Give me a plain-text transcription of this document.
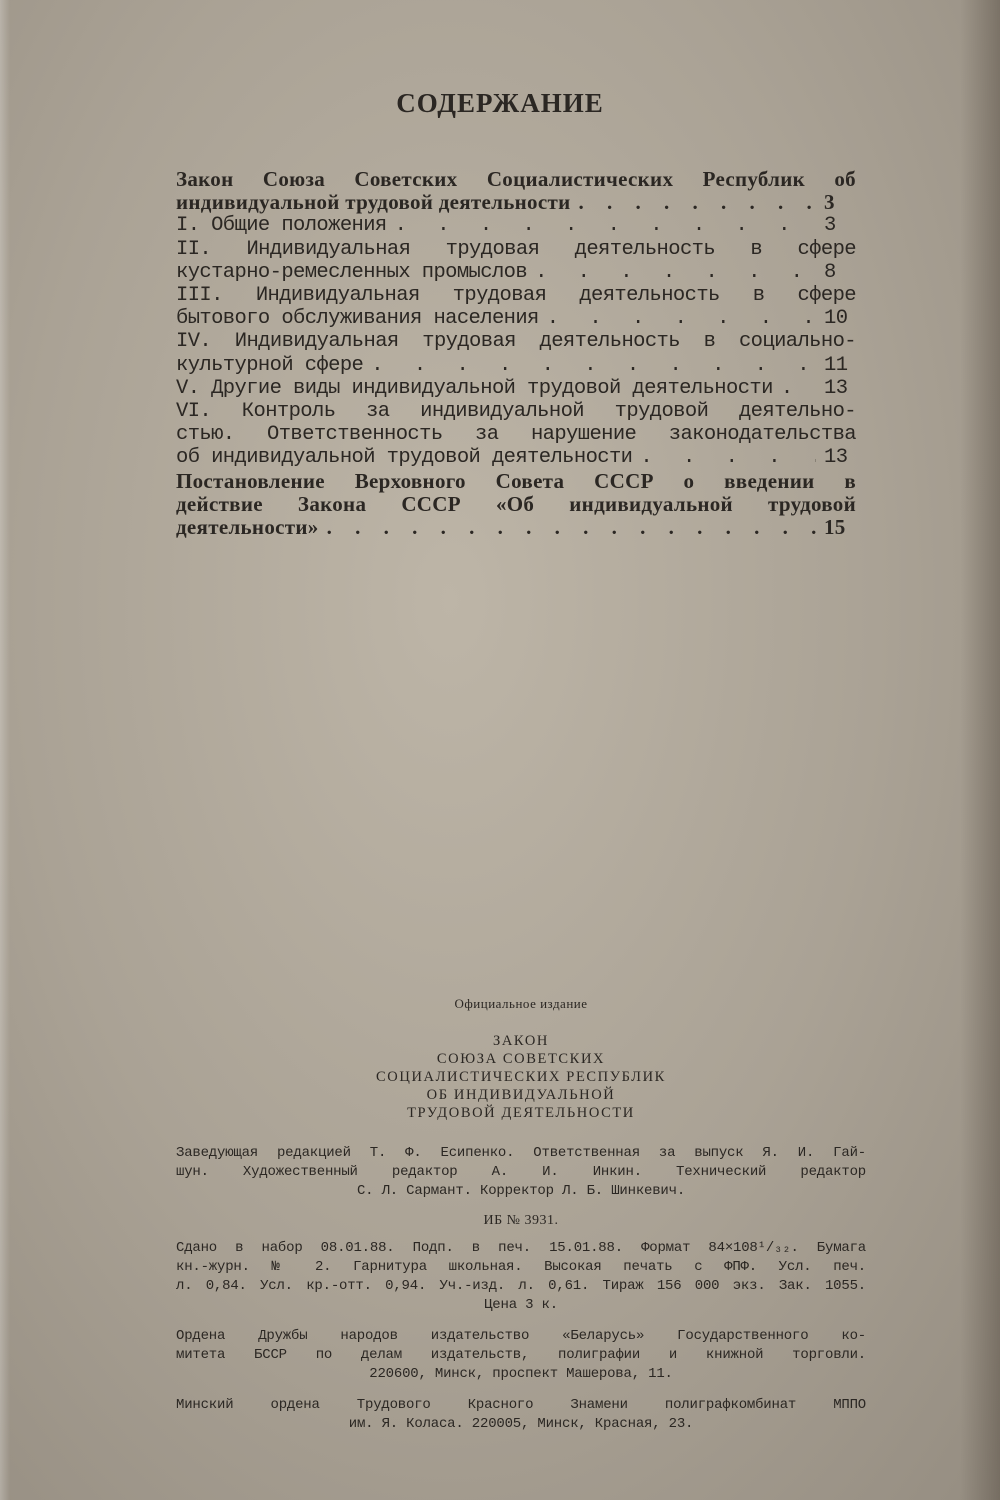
СОДЕРЖАНИЕ
Закон Союза Советских Социалистических Республик об
индивидуальной трудовой деятельности . . .	3
I. Общие положения . . .	3
II. Индивидуальная трудовая деятельность в сфере
кустарно-ремесленных промыслов . . .	8
III. Индивидуальная трудовая деятельность в сфере
бытового обслуживания населения . . .	10
IV. Индивидуальная трудовая деятельность в социально-
культурной сфере . . .	11
V. Другие виды индивидуальной трудовой деятельности . . . 13
VI. Контроль за индивидуальной трудовой деятельно-
стью. Ответственность за нарушение законодательства
об индивидуальной трудовой деятельности . . .	13
Постановление Верховного Совета СССР о введении в
действие Закона СССР «Об индивидуальной трудовой
деятельности» . . .	15
Официальное издание
ЗАКОН
СОЮЗА СОВЕТСКИХ
СОЦИАЛИСТИЧЕСКИХ РЕСПУБЛИК
ОБ ИНДИВИДУАЛЬНОЙ
ТРУДОВОЙ ДЕЯТЕЛЬНОСТИ
Заведующая редакцией Т. Ф. Есипенко. Ответственная за выпуск Я. И. Гай-
шун. Художественный редактор А. И. Инкин. Технический редактор
С. Л. Сармант. Корректор Л. Б. Шинкевич.
ИБ № 3931.
Сдано в набор 08.01.88. Подп. в печ. 15.01.88. Формат 84×108¹/₃₂. Бумага
кн.-журн. № 2. Гарнитура школьная. Высокая печать с ФПФ. Усл. печ.
л. 0,84. Усл. кр.-отт. 0,94. Уч.-изд. л. 0,61. Тираж 156 000 экз. Зак. 1055.
Цена 3 к.
Ордена Дружбы народов издательство «Беларусь» Государственного ко-
митета БССР по делам издательств, полиграфии и книжной торговли.
220600, Минск, проспект Машерова, 11.
Минский ордена Трудового Красного Знамени полиграфкомбинат МППО
им. Я. Коласа. 220005, Минск, Красная, 23.
